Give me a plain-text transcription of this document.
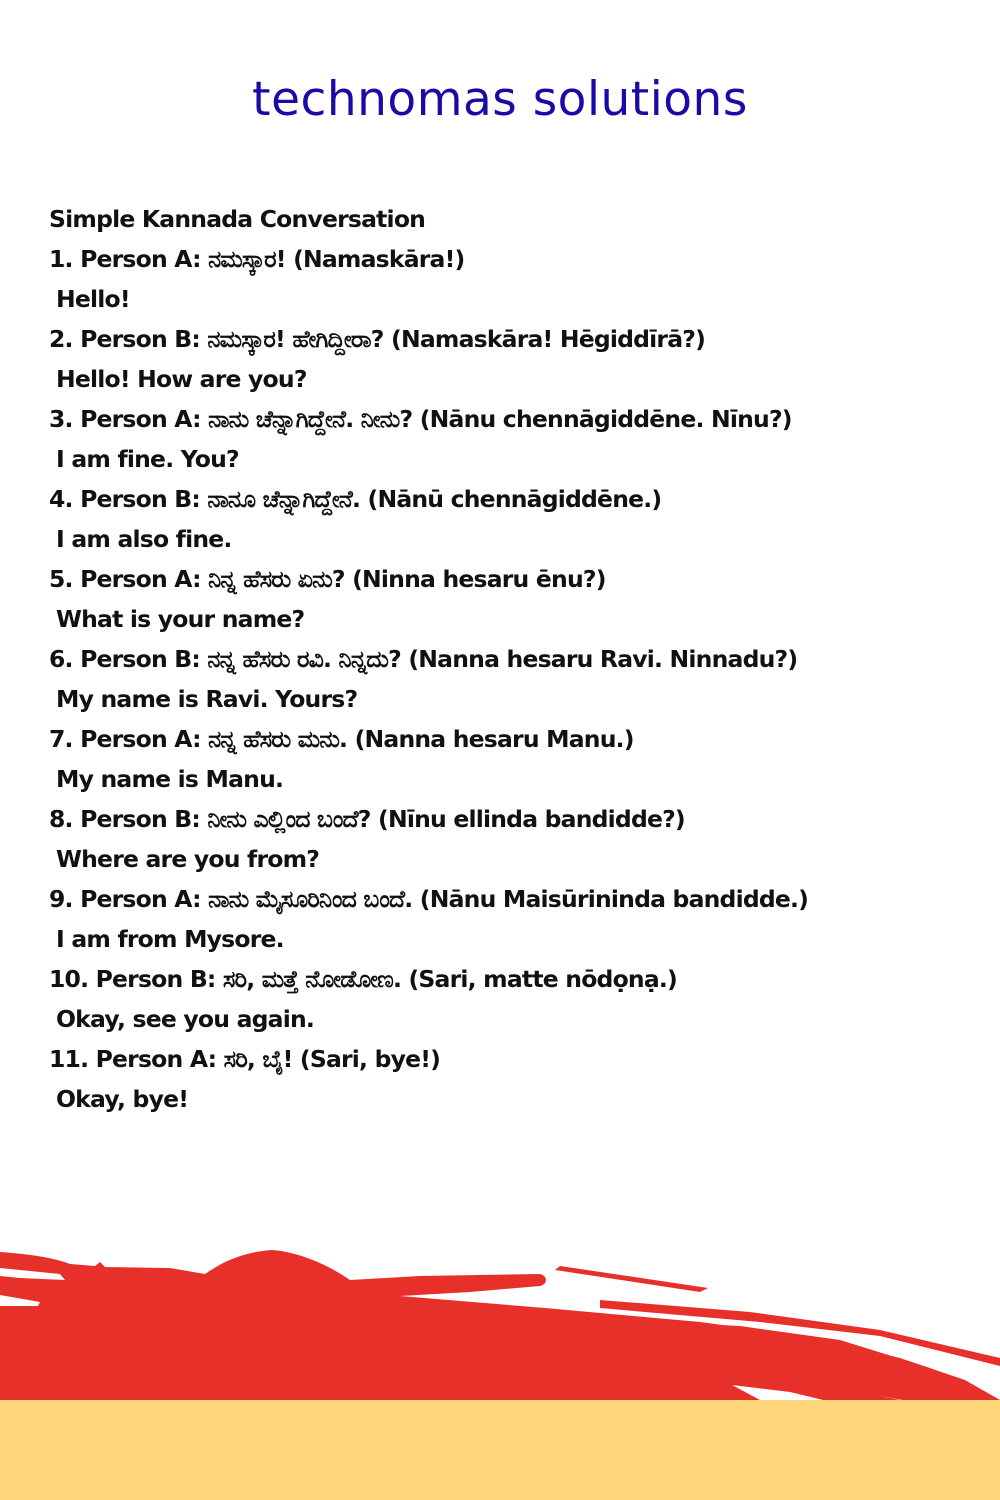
technomas solutions
Simple Kannada Conversation
1. Person A: ನಮಸ್ಕಾರ! (Namaskāra!)
Hello!
2. Person B: ನಮಸ್ಕಾರ! ಹೇಗಿದ್ದೀರಾ? (Namaskāra! Hēgiddīrā?)
Hello! How are you?
3. Person A: ನಾನು ಚೆನ್ನಾಗಿದ್ದೇನೆ. ನೀನು? (Nānu chennāgiddēne. Nīnu?)
I am fine. You?
4. Person B: ನಾನೂ ಚೆನ್ನಾಗಿದ್ದೇನೆ. (Nānū chennāgiddēne.)
I am also fine.
5. Person A: ನಿನ್ನ ಹೆಸರು ಏನು? (Ninna hesaru ēnu?)
What is your name?
6. Person B: ನನ್ನ ಹೆಸರು ರವಿ. ನಿನ್ನದು? (Nanna hesaru Ravi. Ninnadu?)
My name is Ravi. Yours?
7. Person A: ನನ್ನ ಹೆಸರು ಮನು. (Nanna hesaru Manu.)
My name is Manu.
8. Person B: ನೀನು ಎಲ್ಲಿಂದ ಬಂದೆ? (Nīnu ellinda bandidde?)
Where are you from?
9. Person A: ನಾನು ಮೈಸೂರಿನಿಂದ ಬಂದೆ. (Nānu Maisūrininda bandidde.)
I am from Mysore.
10. Person B: ಸರಿ, ಮತ್ತೆ ನೋಡೋಣ. (Sari, matte nōdọnạ.)
Okay, see you again.
11. Person A: ಸರಿ, ಬೈ! (Sari, bye!)
Okay, bye!
